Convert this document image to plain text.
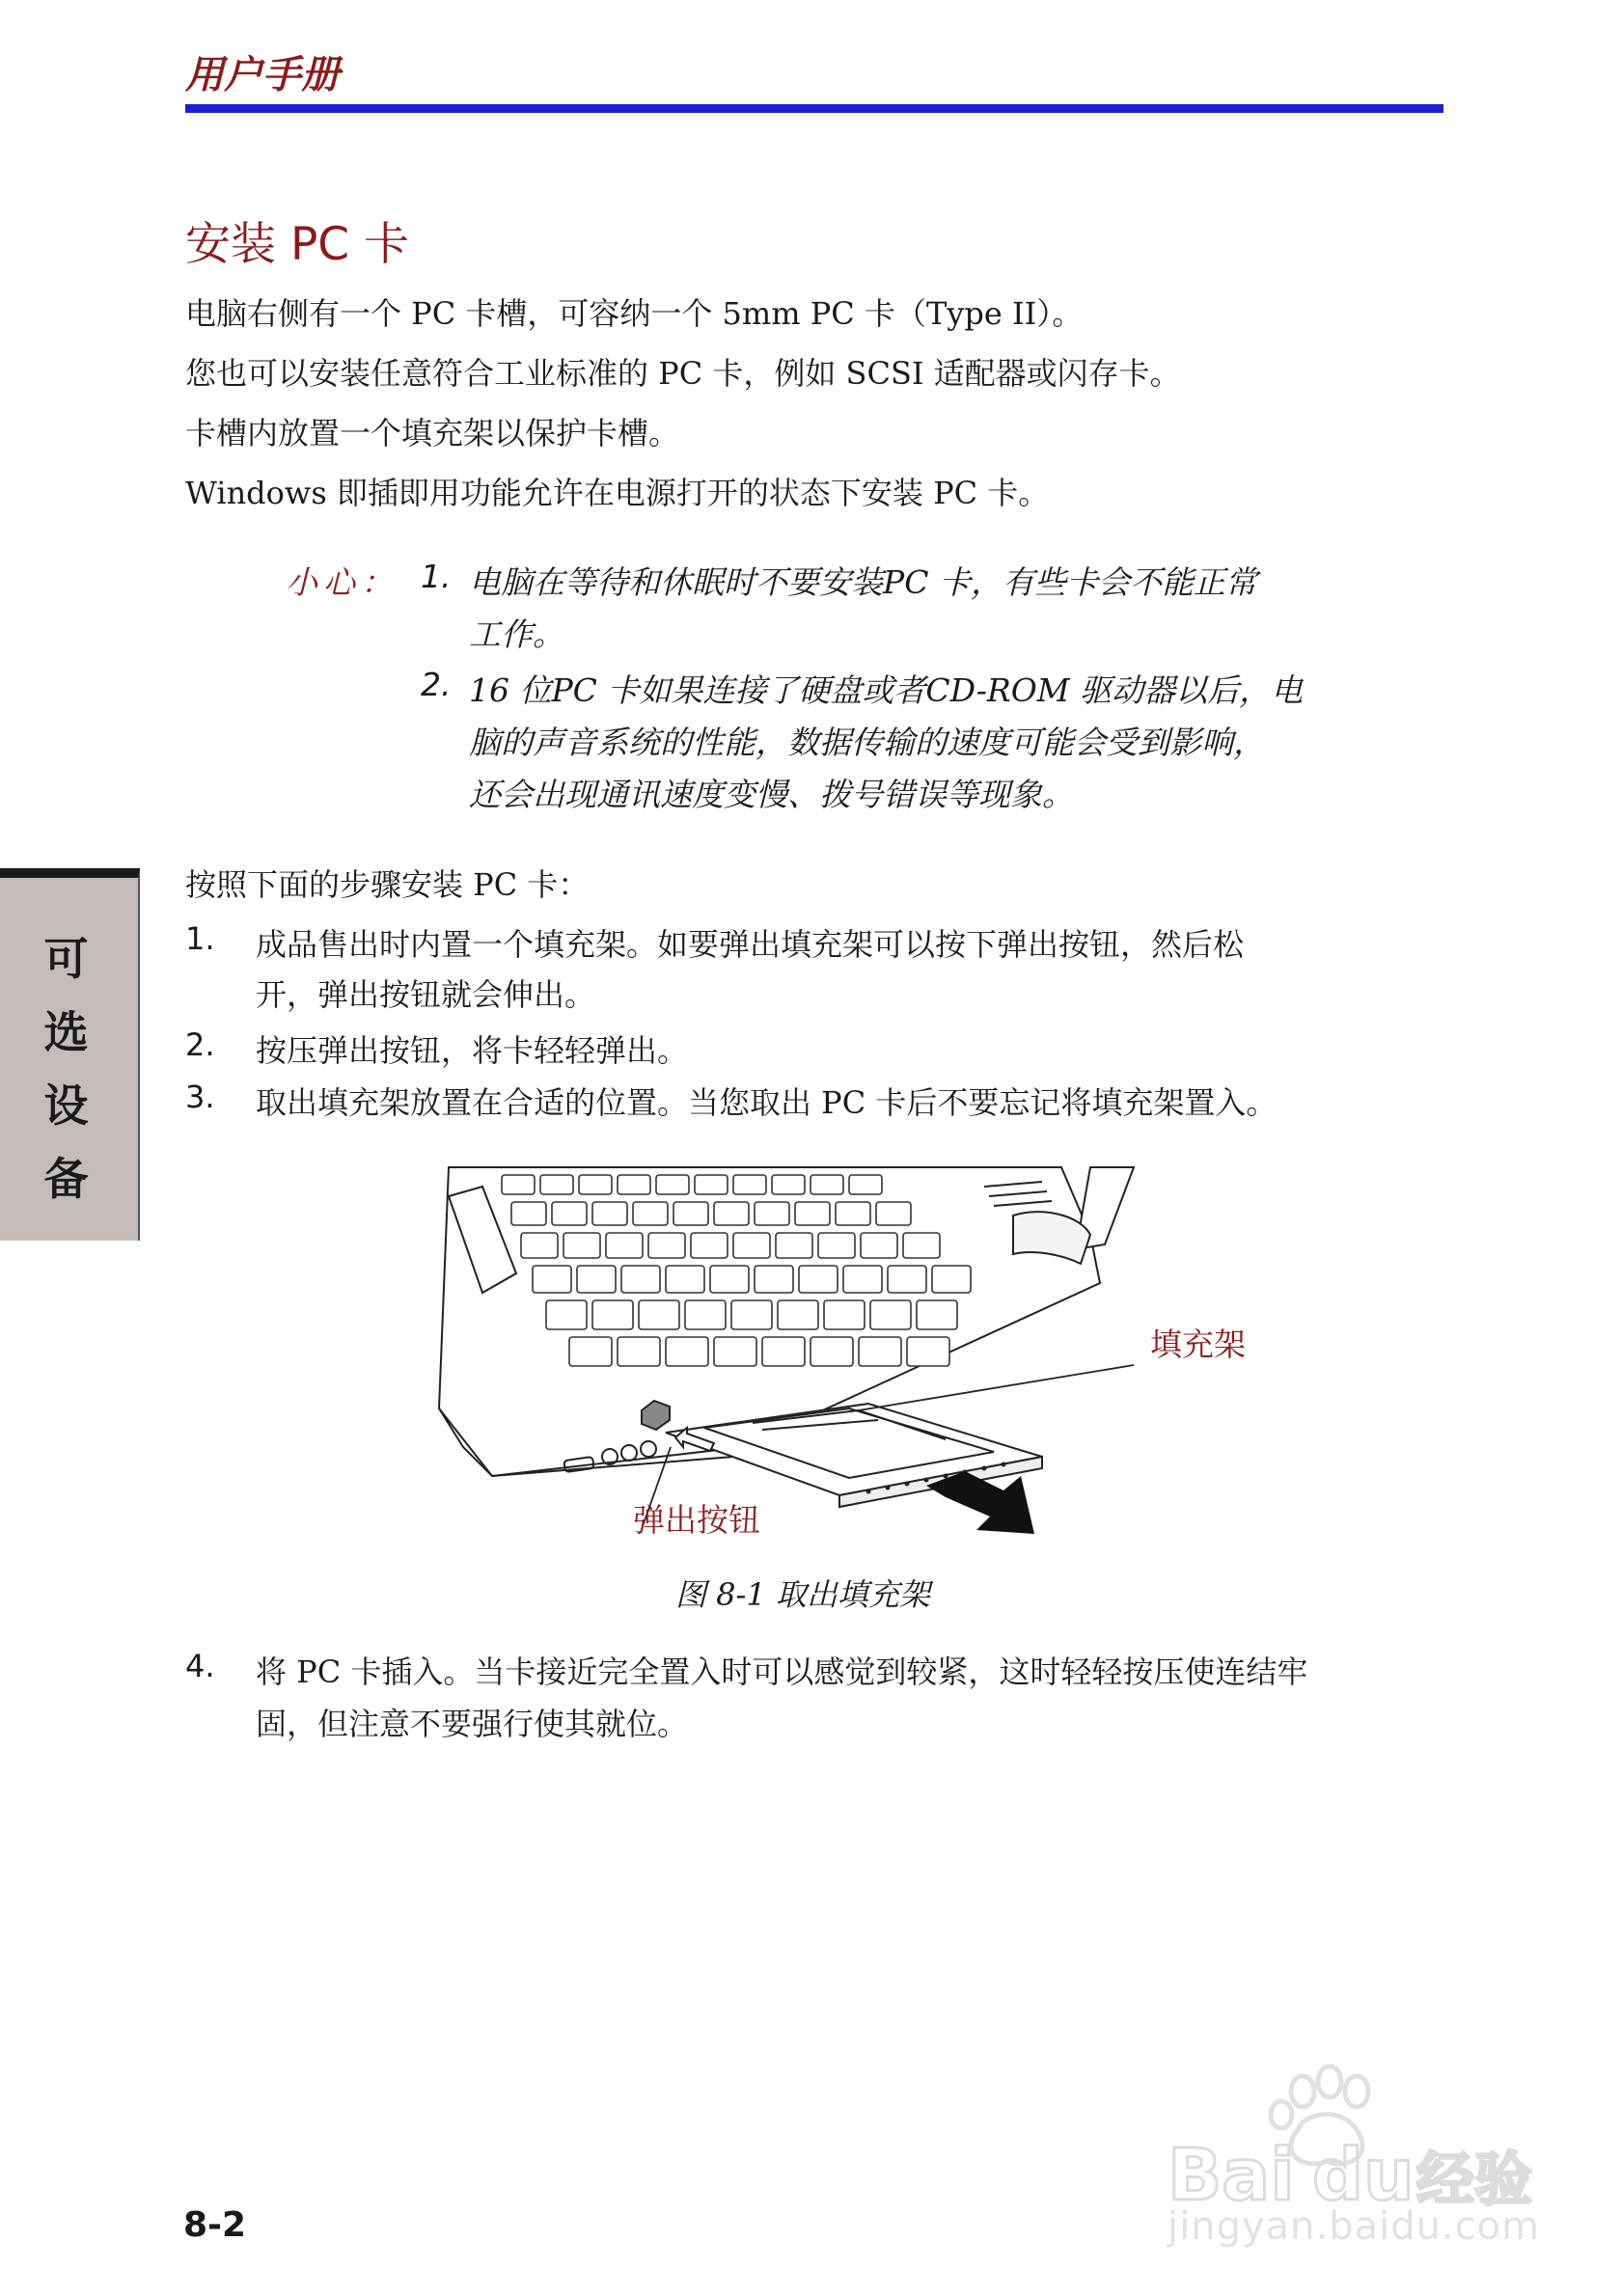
用户手册
安装 PC 卡
电脑右侧有一个 PC 卡槽，可容纳一个 5mm PC 卡（Type II）。
您也可以安装任意符合工业标准的 PC 卡，例如 SCSI 适配器或闪存卡。
卡槽内放置一个填充架以保护卡槽。
Windows 即插即用功能允许在电源打开的状态下安装 PC 卡。
小心： 1. 电脑在等待和休眠时不要安装PC 卡，有些卡会不能正常
工作。
2. 16 位PC 卡如果连接了硬盘或者CD-ROM 驱动器以后，电
脑的声音系统的性能，数据传输的速度可能会受到影响，
还会出现通讯速度变慢、拨号错误等现象。
按照下面的步骤安装 PC 卡：
1. 成品售出时内置一个填充架。如要弹出填充架可以按下弹出按钮，然后松
开，弹出按钮就会伸出。
2. 按压弹出按钮，将卡轻轻弹出。
3. 取出填充架放置在合适的位置。当您取出 PC 卡后不要忘记将填充架置入。
可
选
设
备
填充架
弹出按钮
图 8-1 取出填充架
4. 将 PC 卡插入。当卡接近完全置入时可以感觉到较紧，这时轻轻按压使连结牢
固，但注意不要强行使其就位。
8-2
Bai du 经验
jingyan.baidu.com
